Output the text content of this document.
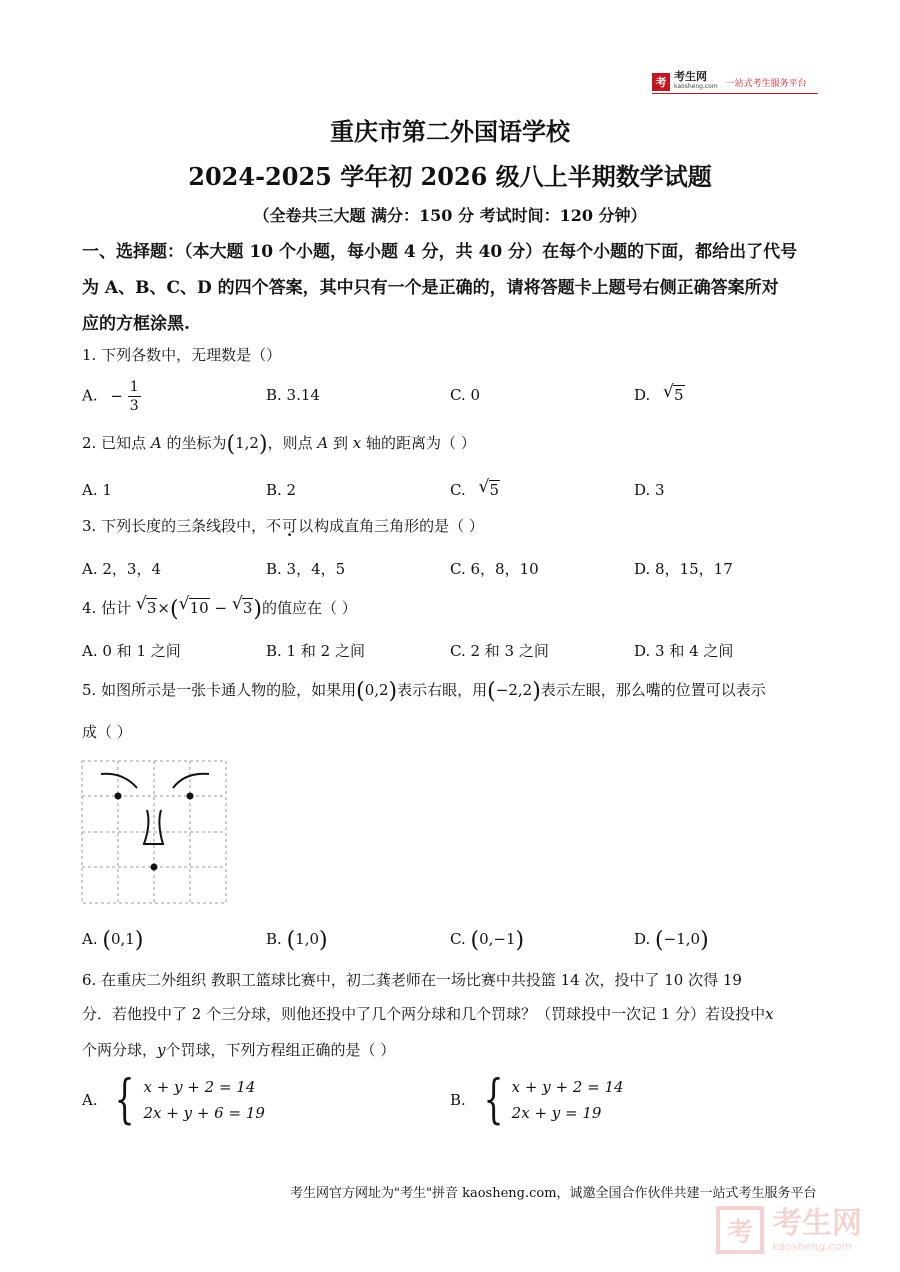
考 考生网
kaosheng.com 一站式考生服务平台
重庆市第二外国语学校
2024-2025 学年初 2026 级八上半期数学试题
（全卷共三大题 满分：150 分 考试时间：120 分钟）
一、选择题：（本大题 10 个小题，每小题 4 分，共 40 分）在每个小题的下面，都给出了代号
为 A、B、C、D 的四个答案，其中只有一个是正确的，请将答题卡上题号右侧正确答案所对
应的方框涂黑.
1. 下列各数中，无理数是（）
A. − $\frac{1}{3}$	B. 3.14	C. 0	D. √ 5
2. 已知点 A 的坐标为(1,2)，则点 A 到 x 轴的距离为（ ）
A. 1	B. 2	C. √ 5	D. 3
3. 下列长度的三条线段中，不可以构成直角三角形的是（ ）
A. 2，3，4	B. 3，4，5	C. 6，8，10	D. 8，15，17
4. 估计 √ 3×( √ 10 − √ 3)的值应在（ ）
A. 0 和 1 之间	B. 1 和 2 之间	C. 2 和 3 之间	D. 3 和 4 之间
5. 如图所示是一张卡通人物的脸，如果用(0,2)表示右眼，用(−2,2)表示左眼，那么嘴的位置可以表示
成（ ）
A. (0,1)	B. (1,0)	C. (0,−1)	D. (−1,0)
6. 在重庆二外组织 教职工篮球比赛中，初二龚老师在一场比赛中共投篮 14 次，投中了 10 次得 19
分．若他投中了 2 个三分球，则他还投中了几个两分球和几个罚球？（罚球投中一次记 1 分）若设投中x
个两分球，y个罚球，下列方程组正确的是（ ）
A. { x + y + 2 = 14
2x + y + 6 = 19
B. { x + y + 2 = 14
2x + y = 19
考生网官方网址为"考生"拼音 kaosheng.com，诚邀全国合作伙伴共建一站式考生服务平台
考 考生网
kaosheng.com
